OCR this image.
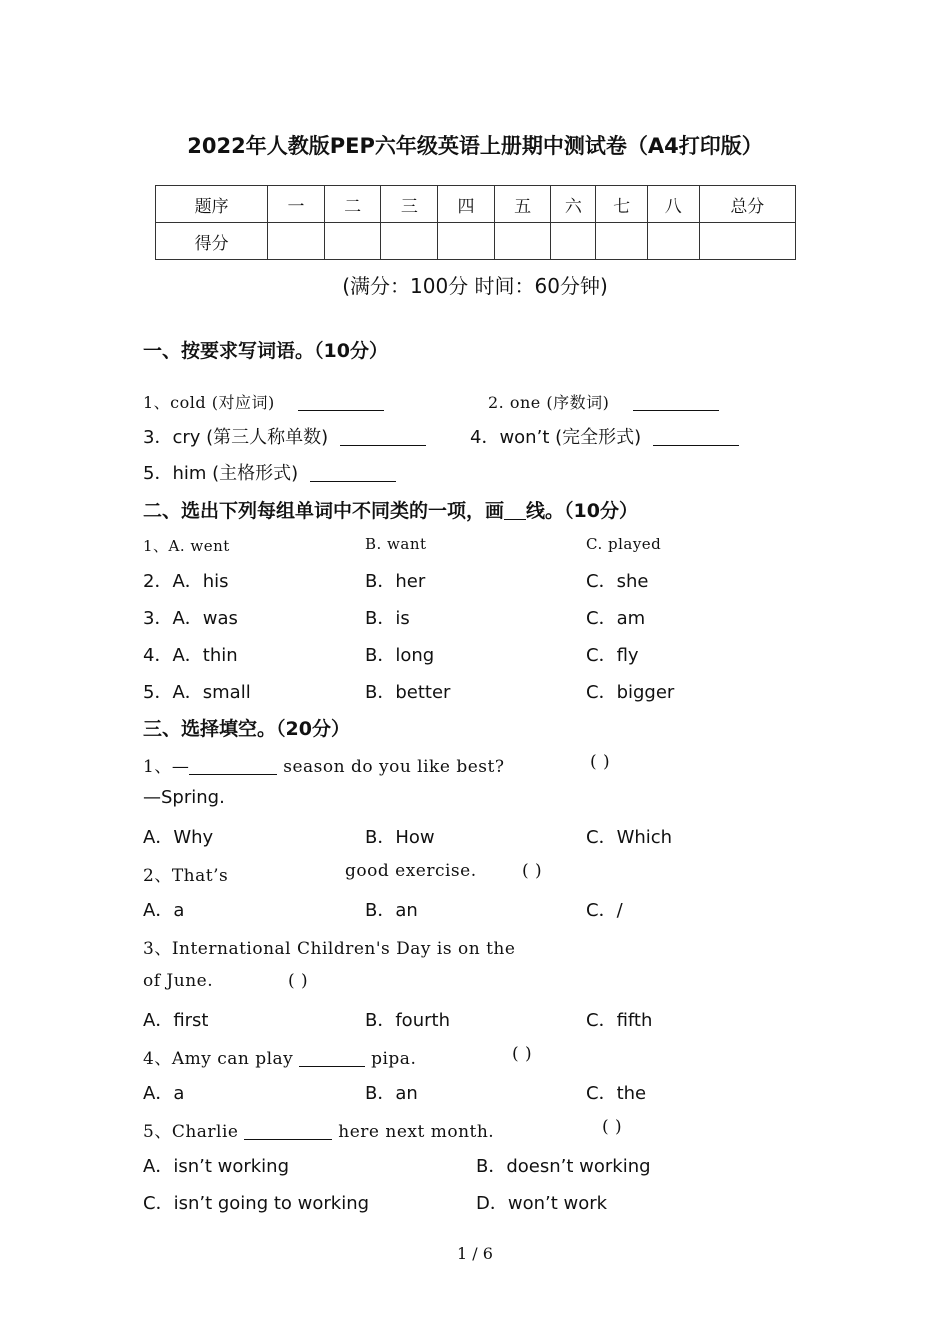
2022年人教版PEP六年级英语上册期中测试卷（A4打印版）
题序	一	二	三	四	五	六	七	八	总分
得分									
(满分：100分 时间：60分钟)
一、按要求写词语。（10分）
1、cold (对应词)	2. one (序数词)
3．cry (第三人称单数)	4．won’t (完全形式)
5．him (主格形式)
二、选出下列每组单词中不同类的一项，画 线。（10分）
1、A. went	B. want	C. played
2．A．his	B．her	C．she
3．A．was	B．is	C．am
4．A．thin	B．long	C．fly
5．A．small	B．better	C．bigger
三、选择填空。（20分）
1、—	season do you like best?	( )
—Spring.
A．Why	B．How	C．Which
2、That’s	good exercise.	( )
A．a	B．an	C．/
3、International Children's Day is on the
of June.	( )
A．first	B．fourth	C．fifth
4、Amy can play	pipa.	( )
A．a	B．an	C．the
5、Charlie	here next month.	( )
A．isn’t working	B．doesn’t working
C．isn’t going to working	D．won’t work
1 / 6
